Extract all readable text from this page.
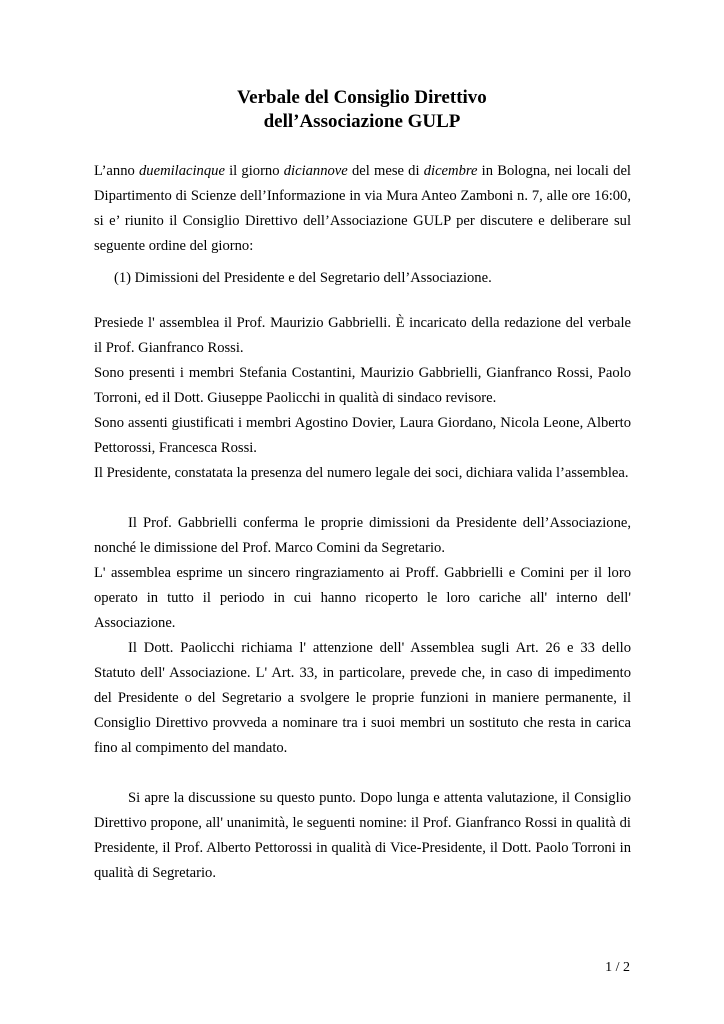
Verbale del Consiglio Direttivo
dell’Associazione GULP

L’anno duemilacinque il giorno diciannove del mese di dicembre in Bologna, nei locali del Dipartimento di Scienze dell’Informazione in via Mura Anteo Zamboni n. 7, alle ore 16:00, si e’ riunito il Consiglio Direttivo dell’Associazione GULP per discutere e deliberare sul seguente ordine del giorno:

(1) Dimissioni del Presidente e del Segretario dell’Associazione.

Presiede l' assemblea il Prof. Maurizio Gabbrielli. È incaricato della redazione del verbale il Prof. Gianfranco Rossi.

Sono presenti i membri Stefania Costantini, Maurizio Gabbrielli, Gianfranco Rossi, Paolo Torroni, ed il Dott. Giuseppe Paolicchi in qualità di sindaco revisore.

Sono assenti giustificati i membri Agostino Dovier, Laura Giordano, Nicola Leone, Alberto Pettorossi, Francesca Rossi.

Il Presidente, constatata la presenza del numero legale dei soci, dichiara valida l’assemblea.

Il Prof. Gabbrielli conferma le proprie dimissioni da Presidente dell’Associazione, nonché le dimissione del Prof. Marco Comini da Segretario.

L' assemblea esprime un sincero ringraziamento ai Proff. Gabbrielli e Comini per il loro operato in tutto il periodo in cui hanno ricoperto le loro cariche all' interno dell' Associazione.

Il Dott. Paolicchi richiama l' attenzione dell' Assemblea sugli Art. 26 e 33 dello Statuto dell' Associazione. L' Art. 33, in particolare, prevede che, in caso di impedimento del Presidente o del Segretario a svolgere le proprie funzioni in maniere permanente, il Consiglio Direttivo provveda a nominare tra i suoi membri un sostituto che resta in carica fino al compimento del mandato.

Si apre la discussione su questo punto. Dopo lunga e attenta valutazione, il Consiglio Direttivo propone, all' unanimità, le seguenti nomine: il Prof. Gianfranco Rossi in qualità di Presidente, il Prof. Alberto Pettorossi in qualità di Vice-Presidente, il Dott. Paolo Torroni in qualità di Segretario.

1 / 2
